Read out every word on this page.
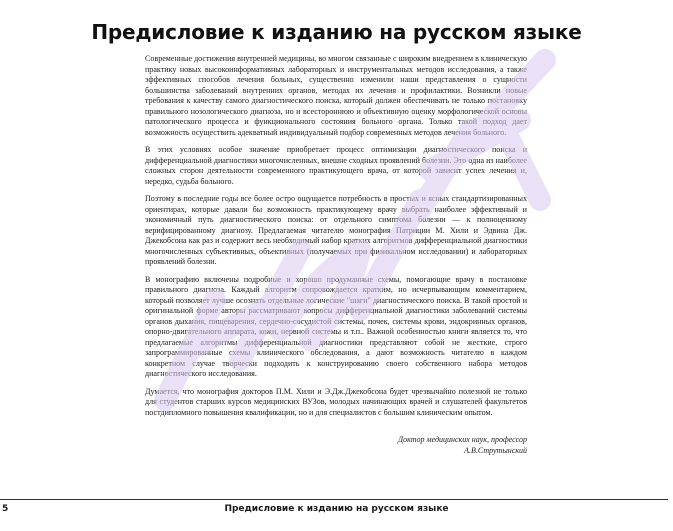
Предисловие к изданию на русском языке

Современные достижения внутренней медицины, во многом связанные с широким внедрением в клиническую практику новых высокоинформативных лабораторных и инструментальных методов исследования, а также эффективных способов лечения больных, существенно изменили наши представления о сущности большинства заболеваний внутренних органов, методах их лечения и профилактики. Возникли новые требования к качеству самого диагностического поиска, который должен обеспечивать не только постановку правильного нозологического диагноза, но и всестороннюю и объективную оценку морфологической основы патологического процесса и функционального состояния больного органа. Только такой подход дает возможность осуществить адекватный индивидуальный подбор современных методов лечения больного.

В этих условиях особое значение приобретает процесс оптимизации диагностического поиска и дифференциальной диагностики многочисленных, внешне сходных проявлений болезни. Это одна из наиболее сложных сторон деятельности современного практикующего врача, от которой зависит успех лечения и, нередко, судьба больного.

Поэтому в последние годы все более остро ощущается потребность в простых и ясных стандартизированных ориентирах, которые давали бы возможность практикующему врачу выбрать наиболее эффективный и экономичный путь диагностического поиска: от отдельного симптома болезни — к полноценному верифицированному диагнозу. Предлагаемая читателю монография Патриции М. Хили и Эдвина Дж. Джекобсона как раз и содержит весь необходимый набор кратких алгоритмов дифференциальной диагностики многочисленных субъективных, объективных (получаемых при физикальном исследовании) и лабораторных проявлений болезни.

В монографию включены подробные и хорошо продуманные схемы, помогающие врачу в постановке правильного диагноза. Каждый алгоритм сопровождается кратким, но исчерпывающим комментарием, который позволяет лучше осознать отдельные логические "шаги" диагностического поиска. В такой простой и оригинальной форме авторы рассматривают вопросы дифференциальной диагностики заболеваний системы органов дыхания, пищеварения, сердечно-сосудистой системы, почек, системы крови, эндокринных органов, опорно-двигательного аппарата, кожи, нервной системы и т.п.. Важной особенностью книги является то, что предлагаемые алгоритмы дифференциальной диагностики представляют собой не жесткие, строго запрограммированные схемы клинического обследования, а дают возможность читателю в каждом конкретном случае творчески подходить к конструированию своего собственного набора методов диагностического исследования.

Думается, что монография докторов П.М. Хили и Э.Дж.Джекобсона будет чрезвычайно полезной не только для студентов старших курсов медицинских ВУЗов, молодых начинающих врачей и слушателей факультетов постдипломного повышения квалификации, но и для специалистов с большим клиническим опытом.

Доктор медицинских наук, профессор
А.В.Струтынский
5	Предисловие к изданию на русском языке
